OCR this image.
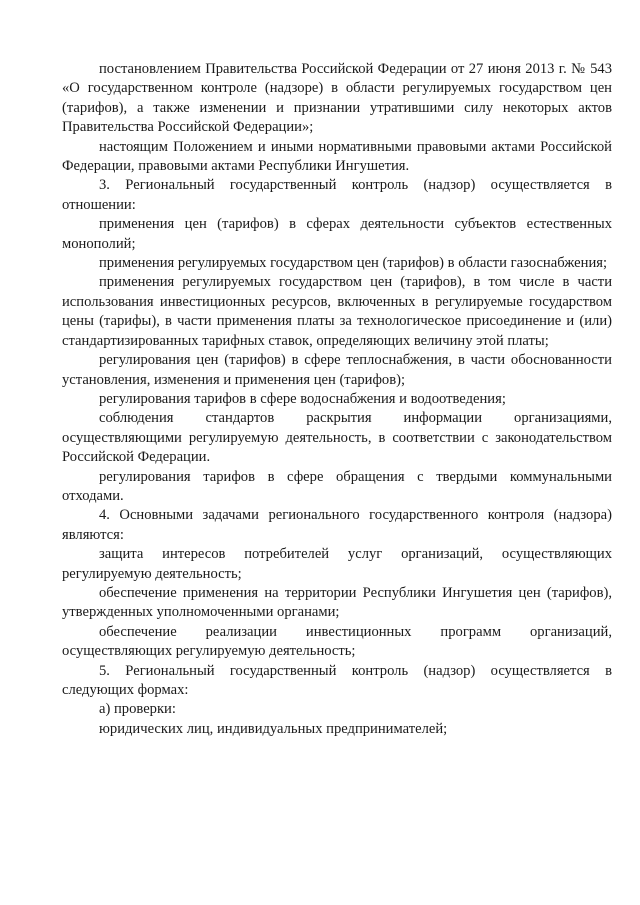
постановлением Правительства Российской Федерации от 27 июня 2013 г. № 543 «О государственном контроле (надзоре) в области регулируемых государством цен (тарифов), а также изменении и признании утратившими силу некоторых актов Правительства Российской Федерации»;

настоящим Положением и иными нормативными правовыми актами Российской Федерации, правовыми актами Республики Ингушетия.

3. Региональный государственный контроль (надзор) осуществляется в отношении:

применения цен (тарифов) в сферах деятельности субъектов естественных монополий;

применения регулируемых государством цен (тарифов) в области газоснабжения;

применения регулируемых государством цен (тарифов), в том числе в части использования инвестиционных ресурсов, включенных в регулируемые государством цены (тарифы), в части применения платы за технологическое присоединение и (или) стандартизированных тарифных ставок, определяющих величину этой платы;

регулирования цен (тарифов) в сфере теплоснабжения, в части обоснованности установления, изменения и применения цен (тарифов);

регулирования тарифов в сфере водоснабжения и водоотведения;

соблюдения стандартов раскрытия информации организациями, осуществляющими регулируемую деятельность, в соответствии с законодательством Российской Федерации.

регулирования тарифов в сфере обращения с твердыми коммунальными отходами.

4. Основными задачами регионального государственного контроля (надзора) являются:

защита интересов потребителей услуг организаций, осуществляющих регулируемую деятельность;

обеспечение применения на территории Республики Ингушетия цен (тарифов), утвержденных уполномоченными органами;

обеспечение реализации инвестиционных программ организаций, осуществляющих регулируемую деятельность;

5. Региональный государственный контроль (надзор) осуществляется в следующих формах:

а) проверки:

юридических лиц, индивидуальных предпринимателей;
